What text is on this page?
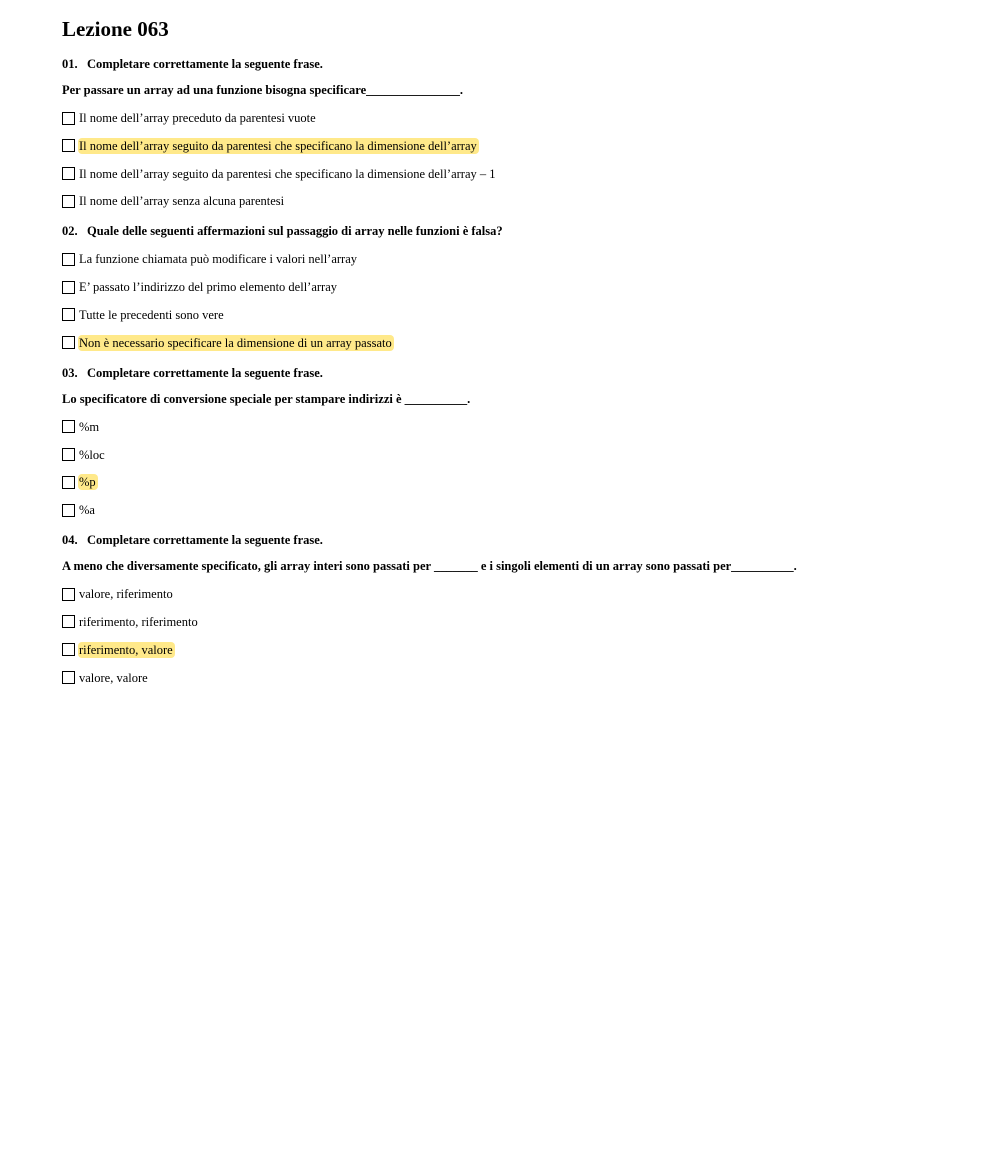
Lezione 063
01. Completare correttamente la seguente frase.
Per passare un array ad una funzione bisogna specificare_______________.
Il nome dell’array preceduto da parentesi vuote
Il nome dell’array seguito da parentesi che specificano la dimensione dell’array
Il nome dell’array seguito da parentesi che specificano la dimensione dell’array – 1
Il nome dell’array senza alcuna parentesi
02. Quale delle seguenti affermazioni sul passaggio di array nelle funzioni è falsa?
La funzione chiamata può modificare i valori nell’array
E’ passato l’indirizzo del primo elemento dell’array
Tutte le precedenti sono vere
Non è necessario specificare la dimensione di un array passato
03. Completare correttamente la seguente frase.
Lo specificatore di conversione speciale per stampare indirizzi è __________.
%m
%loc
%p
%a
04. Completare correttamente la seguente frase.
A meno che diversamente specificato, gli array interi sono passati per _______ e i singoli elementi di un array sono passati per__________.
valore, riferimento
riferimento, riferimento
riferimento, valore
valore, valore
